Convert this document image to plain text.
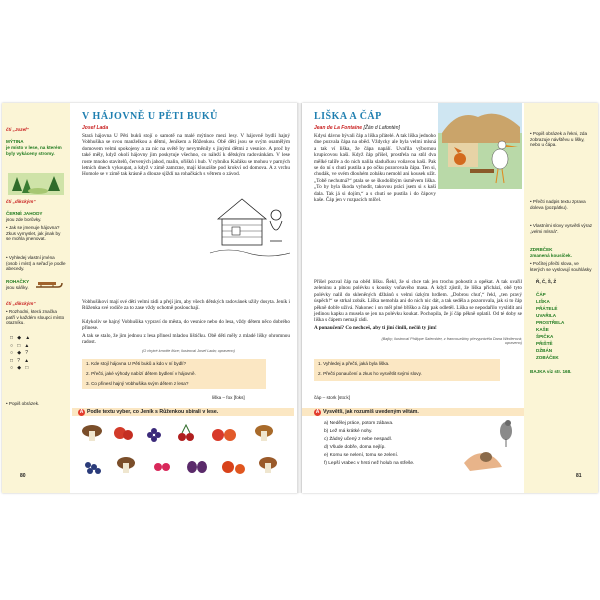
čti „Jozef“
MÝTINA
je místo v lese, na kterém byly vykáceny stromy.
čti „dikckým“
ČERNÉ JAHODY
jsou zde borůvky.
• Jak se jmenuje hájovna? Zkus vymyslet, jak jinak by se mohla jmenovat.
• Vyhledej vlastní jména (osob i míst) a seřaď je podle abecedy.
ROHAČKY
jsou sáňky.
čti „dikckým“
• Rozhodni, která značka patří v každém sloupci místo otazníku.
□ ◆ ▲
○ □ ▲
○ ◆ ?
□ ? ▲
○ ◆ □
• Popiš obrázek.
80
V HÁJOVNĚ U PĚTI BUKŮ
Josef Lada
Stará hájovna U Pěti buků stojí o samotě na malé mýtince mezi lesy. V hájovně bydlí hajný Vobhušika se svou manželkou a dětmi, Jeníkem a Růženkou. Obě děti jsou se svým osamělým domovem velmi spokojeny a za nic na světě by nevyměnily s jinými dětmi z vesnice. A proč by také měly, když okolí hájovny jim poskytuje všechno, co náleží k dětským radovánkám. V lese roste mnoho stavitelů, červených jahod, malin, ořišků i hub. V rybníku Kačáku se mohou v parných letních dnech vykoupat, a když v zimě zamrzne, mají klouzište pod krokví od domova. A z vrchu Homole se v zimě tak krásně a dlouze sjíždí na rohačkách s větrem o závod.
Vobhušikovi mají své děti velmi rádi a přejí jim, aby všech dětských radovánek užily dosyta. Jeník i Růženka své rodiče za to zase vždy ochotně poslouchají.
Kdykoliv se hajný Vobhušika vypraví do města, do vesnice nebo do lesa, vždy dětem něco dobrého přinese.
A tak se stalo, že jim jednou z lesa přinesl mladou lištičku. Obě děti měly z mladé lišky ohromnou radost.
(O chytré kmotře lišce; ilustroval Josef Lada; upraveno)
1. Kde stojí hájovna U Pěti buků a kdo v ní bydlí?
2. Přečti, jaké výhody nabízí dětem bydlení v hájovně.
3. Co přinesl hajný Vobhušika svým dětem z lesa?
liška – fox [foks]
A Podle textu vyber, co Jeník s Růženkou sbírali v lese.
LIŠKA A ČÁP
Jean de La Fontaine [Žán d Lafontén]
Kdysi dávno bývali čáp a liška přátelé. A tak liška jednoho dne pozvala čápa na oběd. Vždycky ale byla velmi mlsná a tak ví liška, že čápa napálí. Uvařila výbornou krupicovou kaši. Když čáp přišel, prostřela na stůl dva mělké talíře a do nich nalila sladučkou voňavou kaši. Pak se do ní s chutí pustila a po očku pozorovala čápa. Ten si, chudák, ve svém dlouhém zobáku nemohl ani kousek užít. „Tobě nechutná?“ ptala se se škodolibým úsměvem liška. „To by byla škoda vyhodit, takovou práci jsem si s kaší dala. Tak já si dojím,“ a s chutí se pustila i do čápovy kaše. Čáp jen v rozpacích mlčel.
Přišel pozval čáp na oběd lišku. Řekl, že si chce tak jen trochu pohostit a opékat. A tak uvařil zeleninu a plnou polévku s kousky voňavého masa. A když zjistil, že liška přichází, obě tyto polévky nalil do skleněných džbánů s velmi úzkým hrdlem. „Dobrou chuť,“ řekl, „ten pravý úspěch!“ se strkal zobák. Liška nemohla ani do nich nic dát, a tak seděla a pozorovala, jak si to čáp pěkně dobře užívá. Nakonec i on měl plné bříško a čáp pak odletěl. Liška se nepodařilo vyslídit ani jedinou kapku a musela se jen na polévku koukat. Pochopila, že jí čáp pěkně oplatil. Od té doby se liška s čápem nemají rádi.
A ponaučení? Co nechceš, aby ti jiní činili, nečiň ty jim!
(Bajky; ilustroval Philippe Salembier, z francouzštiny převyprávěla Dana Wintlerová; upraveno)
1. Vyhledej a přečti, jaká byla liška.
2. Přečti ponaučení a zkus ho vysvětlit svými slovy.
čáp – stork [sto:k]
A Vysvětli, jak rozumíš uvedeným větám.
a) Nedělej práce, potom zábava.
b) Lež má krátké nohy.
c) Žádný učený z nebe nespadl.
d) Všude dobře, doma nejlíp.
e) Komu se nelení, tomu se zelení.
f) Lepší vrabec v hrsti než holub na střeše.
• Popiš obrázek a řekni, zda zobrazuje návštěvu u lišky, nebo u čápa.
• Přečti nadpis textu zprava doleva (pozpátku).
• Vlastními slovy vysvětli výraz „velmi mlsná“.
ZDRBČEK
zmanená kousíček.
• Počítej přečti slova, ve kterých se vyslovují souhlásky
Ř, Č, Š, Ž
ČÁP
LIŠKA
PŘÁTELÉ
UVAŘILA
PROSTŘELA
KAŠE
ŠPIČKA
PŘIŠTĚ
DŽBÁN
ZOBÁČEK
BAJKA viz str. 168.
81
